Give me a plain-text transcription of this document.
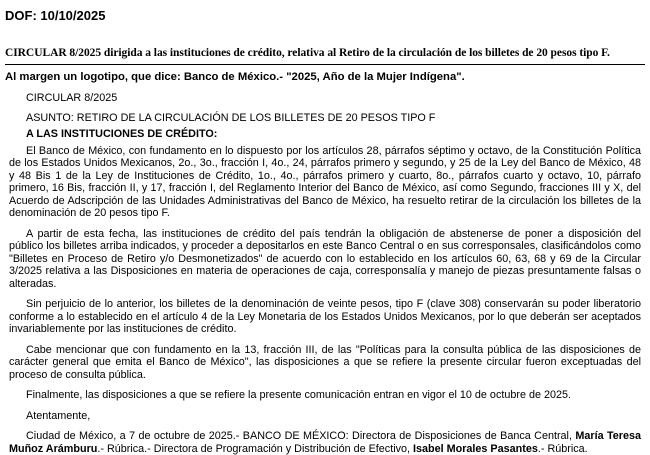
DOF: 10/10/2025
CIRCULAR 8/2025 dirigida a las instituciones de crédito, relativa al Retiro de la circulación de los billetes de 20 pesos tipo F.
Al margen un logotipo, que dice: Banco de México.- "2025, Año de la Mujer Indígena".

CIRCULAR 8/2025

ASUNTO: RETIRO DE LA CIRCULACIÓN DE LOS BILLETES DE 20 PESOS TIPO F

A LAS INSTITUCIONES DE CRÉDITO:

El Banco de México, con fundamento en lo dispuesto por los artículos 28, párrafos séptimo y octavo, de la Constitución Política de los Estados Unidos Mexicanos, 2o., 3o., fracción I, 4o., 24, párrafos primero y segundo, y 25 de la Ley del Banco de México, 48 y 48 Bis 1 de la Ley de Instituciones de Crédito, 1o., 4o., párrafos primero y cuarto, 8o., párrafos cuarto y octavo, 10, párrafo primero, 16 Bis, fracción II, y 17, fracción I, del Reglamento Interior del Banco de México, así como Segundo, fracciones III y X, del Acuerdo de Adscripción de las Unidades Administrativas del Banco de México, ha resuelto retirar de la circulación los billetes de la denominación de 20 pesos tipo F.

A partir de esta fecha, las instituciones de crédito del país tendrán la obligación de abstenerse de poner a disposición del público los billetes arriba indicados, y proceder a depositarlos en este Banco Central o en sus corresponsales, clasificándolos como "Billetes en Proceso de Retiro y/o Desmonetizados" de acuerdo con lo establecido en los artículos 60, 63, 68 y 69 de la Circular 3/2025 relativa a las Disposiciones en materia de operaciones de caja, corresponsalía y manejo de piezas presuntamente falsas o alteradas.

Sin perjuicio de lo anterior, los billetes de la denominación de veinte pesos, tipo F (clave 308) conservarán su poder liberatorio conforme a lo establecido en el artículo 4 de la Ley Monetaria de los Estados Unidos Mexicanos, por lo que deberán ser aceptados invariablemente por las instituciones de crédito.

Cabe mencionar que con fundamento en la 13, fracción III, de las "Políticas para la consulta pública de las disposiciones de carácter general que emita el Banco de México", las disposiciones a que se refiere la presente circular fueron exceptuadas del proceso de consulta pública.

Finalmente, las disposiciones a que se refiere la presente comunicación entran en vigor el 10 de octubre de 2025.

Atentamente,

Ciudad de México, a 7 de octubre de 2025.- BANCO DE MÉXICO: Directora de Disposiciones de Banca Central, María Teresa Muñoz Arámburu.- Rúbrica.- Directora de Programación y Distribución de Efectivo, Isabel Morales Pasantes.- Rúbrica.
